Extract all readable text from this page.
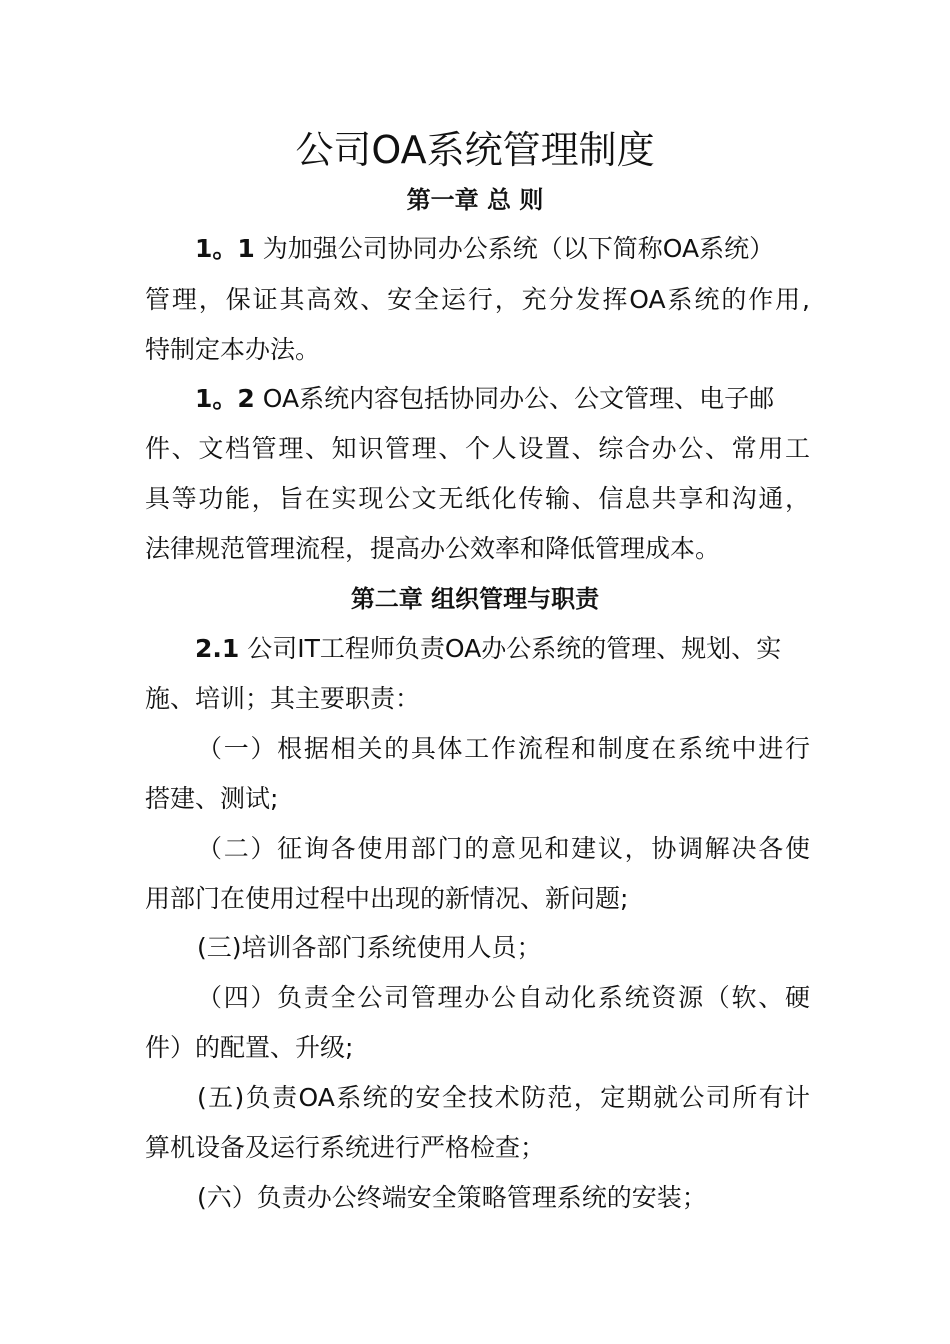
公司OA系统管理制度
第一章 总 则
1。1 为加强公司协同办公系统（以下简称OA系统）
管理，保证其高效、安全运行，充分发挥OA系统的作用,
特制定本办法。
1。2 OA系统内容包括协同办公、公文管理、电子邮
件、文档管理、知识管理、个人设置、综合办公、常用工
具等功能，旨在实现公文无纸化传输、信息共享和沟通，
法律规范管理流程，提高办公效率和降低管理成本。
第二章 组织管理与职责
2.1 公司IT工程师负责OA办公系统的管理、规划、实
施、培训；其主要职责：
（一）根据相关的具体工作流程和制度在系统中进行
搭建、测试;
（二）征询各使用部门的意见和建议，协调解决各使
用部门在使用过程中出现的新情况、新问题;
(三)培训各部门系统使用人员；
（四）负责全公司管理办公自动化系统资源（软、硬
件）的配置、升级;
(五)负责OA系统的安全技术防范，定期就公司所有计
算机设备及运行系统进行严格检查；
(六）负责办公终端安全策略管理系统的安装；
